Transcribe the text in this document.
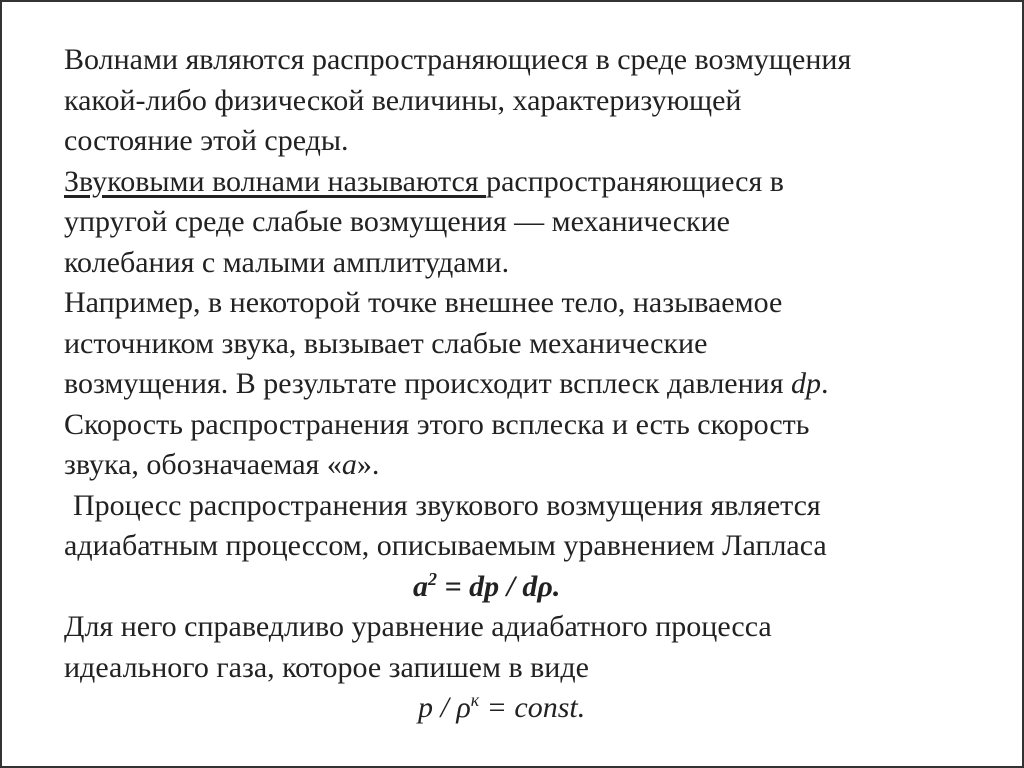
Волнами являются распространяющиеся в среде возмущения
какой-либо физической величины, характеризующей
состояние этой среды.
Звуковыми волнами называются распространяющиеся в
упругой среде слабые возмущения — механические
колебания с малыми амплитудами.
Например, в некоторой точке внешнее тело, называемое
источником звука, вызывает слабые механические
возмущения. В результате происходит всплеск давления dp.
Скорость распространения этого всплеска и есть скорость
звука, обозначаемая «а».
Процесс распространения звукового возмущения является
адиабатным процессом, описываемым уравнением Лапласа
$a^2$ = dp / dρ.
Для него справедливо уравнение адиабатного процесса
идеального газа, которое запишем в виде
p / $\rho^к$ = const.
